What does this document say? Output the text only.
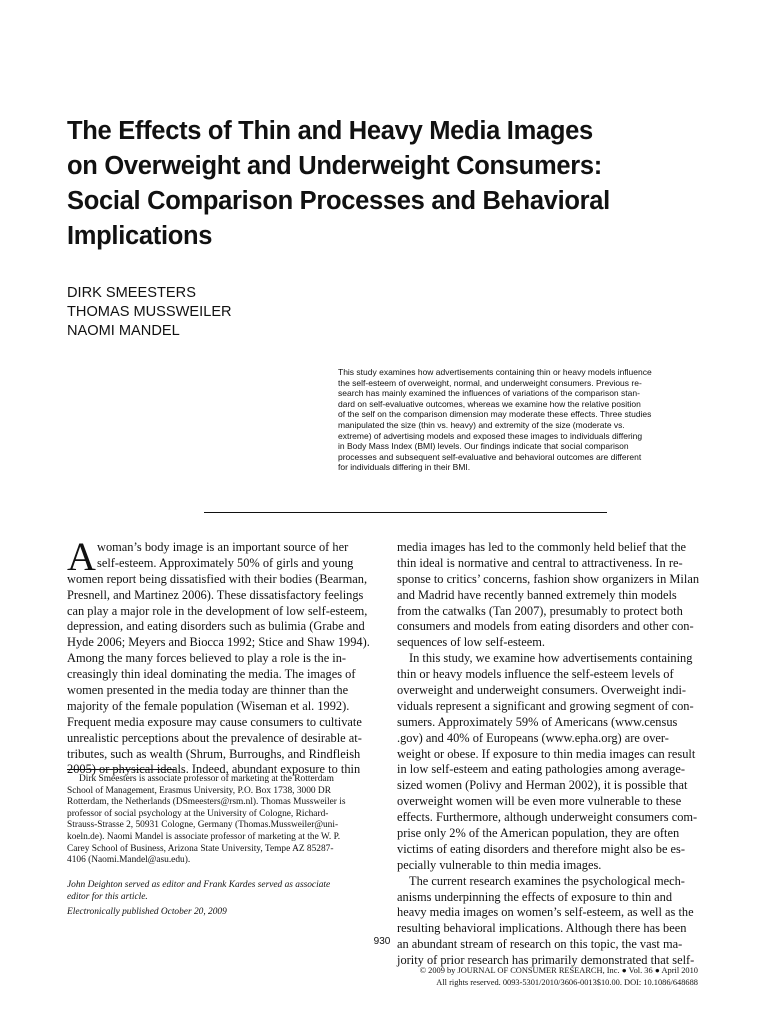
The Effects of Thin and Heavy Media Images
on Overweight and Underweight Consumers:
Social Comparison Processes and Behavioral
Implications
DIRK SMEESTERS
THOMAS MUSSWEILER
NAOMI MANDEL
This study examines how advertisements containing thin or heavy models influence
the self-esteem of overweight, normal, and underweight consumers. Previous re-
search has mainly examined the influences of variations of the comparison stan-
dard on self-evaluative outcomes, whereas we examine how the relative position
of the self on the comparison dimension may moderate these effects. Three studies
manipulated the size (thin vs. heavy) and extremity of the size (moderate vs.
extreme) of advertising models and exposed these images to individuals differing
in Body Mass Index (BMI) levels. Our findings indicate that social comparison
processes and subsequent self-evaluative and behavioral outcomes are different
for individuals differing in their BMI.
A woman’s body image is an important source of her
self-esteem. Approximately 50% of girls and young
women report being dissatisfied with their bodies (Bearman,
Presnell, and Martinez 2006). These dissatisfactory feelings
can play a major role in the development of low self-esteem,
depression, and eating disorders such as bulimia (Grabe and
Hyde 2006; Meyers and Biocca 1992; Stice and Shaw 1994).
Among the many forces believed to play a role is the in-
creasingly thin ideal dominating the media. The images of
women presented in the media today are thinner than the
majority of the female population (Wiseman et al. 1992).
Frequent media exposure may cause consumers to cultivate
unrealistic perceptions about the prevalence of desirable at-
tributes, such as wealth (Shrum, Burroughs, and Rindfleish
2005) or physical ideals. Indeed, abundant exposure to thin
media images has led to the commonly held belief that the
thin ideal is normative and central to attractiveness. In re-
sponse to critics’ concerns, fashion show organizers in Milan
and Madrid have recently banned extremely thin models
from the catwalks (Tan 2007), presumably to protect both
consumers and models from eating disorders and other con-
sequences of low self-esteem.
In this study, we examine how advertisements containing
thin or heavy models influence the self-esteem levels of
overweight and underweight consumers. Overweight indi-
viduals represent a significant and growing segment of con-
sumers. Approximately 59% of Americans (www.census
.gov) and 40% of Europeans (www.epha.org) are over-
weight or obese. If exposure to thin media images can result
in low self-esteem and eating pathologies among average-
sized women (Polivy and Herman 2002), it is possible that
overweight women will be even more vulnerable to these
effects. Furthermore, although underweight consumers com-
prise only 2% of the American population, they are often
victims of eating disorders and therefore might also be es-
pecially vulnerable to thin media images.
The current research examines the psychological mech-
anisms underpinning the effects of exposure to thin and
heavy media images on women’s self-esteem, as well as the
resulting behavioral implications. Although there has been
an abundant stream of research on this topic, the vast ma-
jority of prior research has primarily demonstrated that self-
Dirk Smeesters is associate professor of marketing at the Rotterdam
School of Management, Erasmus University, P.O. Box 1738, 3000 DR
Rotterdam, the Netherlands (DSmeesters@rsm.nl). Thomas Mussweiler is
professor of social psychology at the University of Cologne, Richard-
Strauss-Strasse 2, 50931 Cologne, Germany (Thomas.Mussweiler@uni-
koeln.de). Naomi Mandel is associate professor of marketing at the W. P.
Carey School of Business, Arizona State University, Tempe AZ 85287-
4106 (Naomi.Mandel@asu.edu).
John Deighton served as editor and Frank Kardes served as associate
editor for this article.
Electronically published October 20, 2009
930
© 2009 by JOURNAL OF CONSUMER RESEARCH, Inc. ● Vol. 36 ● April 2010
All rights reserved. 0093-5301/2010/3606-0013$10.00. DOI: 10.1086/648688
